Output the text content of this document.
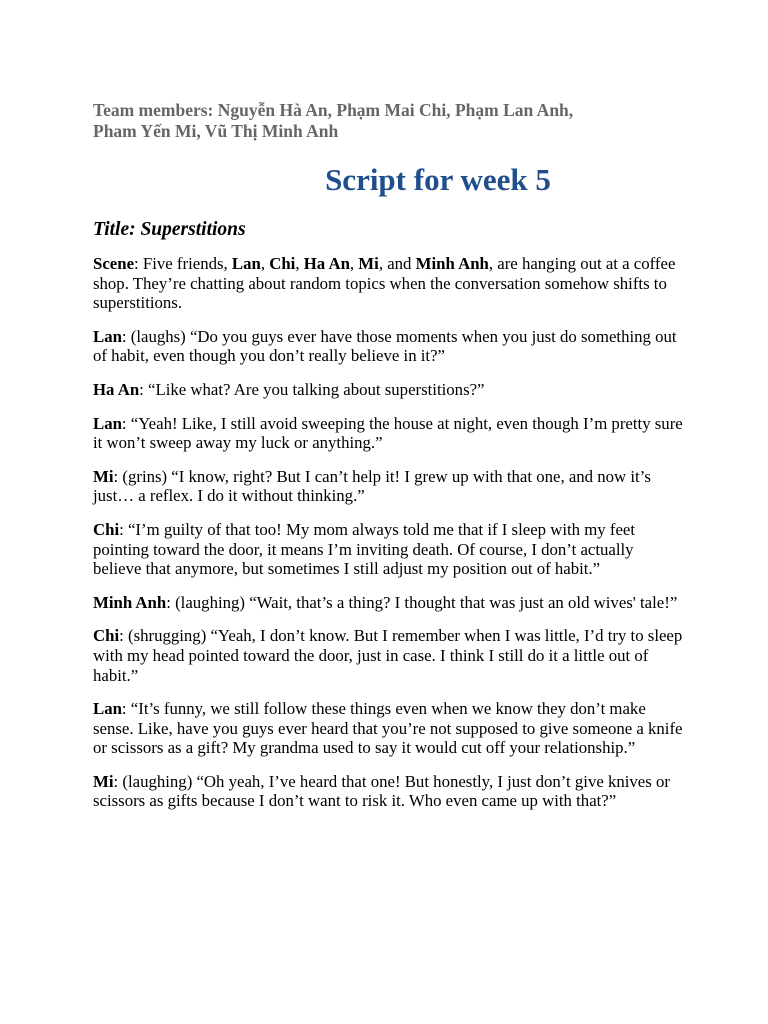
Team members: Nguyễn Hà An, Phạm Mai Chi, Phạm Lan Anh,
Pham Yến Mi, Vũ Thị Minh Anh

Script for week 5
Title: Superstitions

Scene: Five friends, Lan, Chi, Ha An, Mi, and Minh Anh, are hanging out at a coffee shop. They’re chatting about random topics when the conversation somehow shifts to superstitions.

Lan: (laughs) “Do you guys ever have those moments when you just do something out of habit, even though you don’t really believe in it?”

Ha An: “Like what? Are you talking about superstitions?”

Lan: “Yeah! Like, I still avoid sweeping the house at night, even though I’m pretty sure it won’t sweep away my luck or anything.”

Mi: (grins) “I know, right? But I can’t help it! I grew up with that one, and now it’s just… a reflex. I do it without thinking.”

Chi: “I’m guilty of that too! My mom always told me that if I sleep with my feet pointing toward the door, it means I’m inviting death. Of course, I don’t actually believe that anymore, but sometimes I still adjust my position out of habit.”

Minh Anh: (laughing) “Wait, that’s a thing? I thought that was just an old wives' tale!”

Chi: (shrugging) “Yeah, I don’t know. But I remember when I was little, I’d try to sleep with my head pointed toward the door, just in case. I think I still do it a little out of habit.”

Lan: “It’s funny, we still follow these things even when we know they don’t make sense. Like, have you guys ever heard that you’re not supposed to give someone a knife or scissors as a gift? My grandma used to say it would cut off your relationship.”

Mi: (laughing) “Oh yeah, I’ve heard that one! But honestly, I just don’t give knives or scissors as gifts because I don’t want to risk it. Who even came up with that?”
